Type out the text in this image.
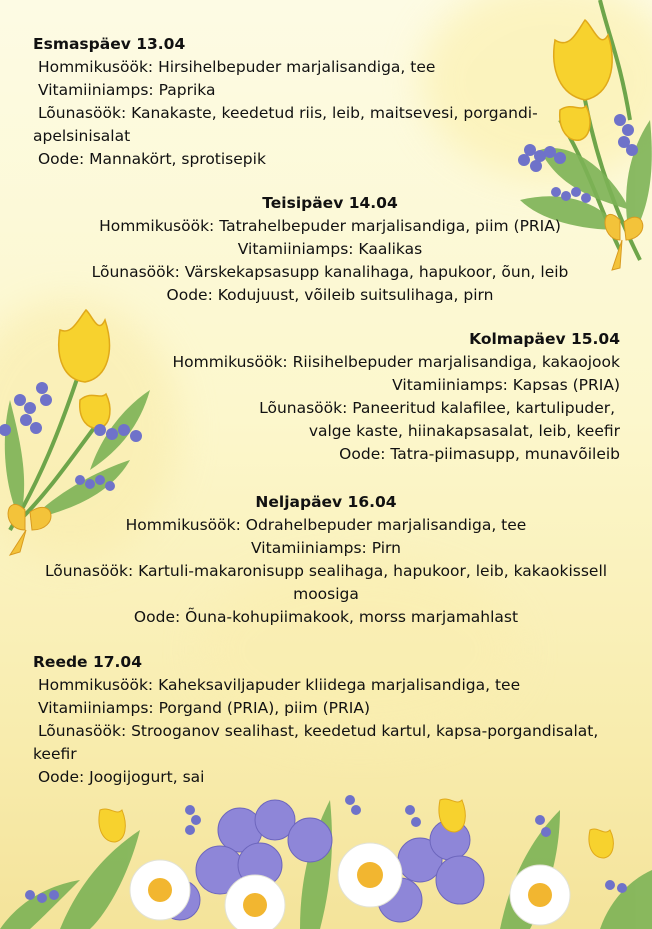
Esmaspäev 13.04
Hommikusöök: Hirsihelbepuder marjalisandiga, tee
Vitamiiniamps: Paprika
Lõunasöök: Kanakaste, keedetud riis, leib, maitsevesi, porgandi-apelsinisalat
Oode: Mannakört, sprotisepik
Teisipäev 14.04
Hommikusöök: Tatrahelbepuder marjalisandiga, piim (PRIA)
Vitamiiniamps: Kaalikas
Lõunasöök: Värskekapsasupp kanalihaga, hapukoor, õun, leib
Oode: Kodujuust, võileib suitsulihaga, pirn
Kolmapäev 15.04
Hommikusöök: Riisihelbepuder marjalisandiga, kakaojook
Vitamiiniamps: Kapsas (PRIA)
Lõunasöök: Paneeritud kalafilee, kartulipuder,
valge kaste, hiinakapsasalat, leib, keefir
Oode: Tatra-piimasupp, munavõileib
Neljapäev 16.04
Hommikusöök: Odrahelbepuder marjalisandiga, tee
Vitamiiniamps: Pirn
Lõunasöök: Kartuli-makaronisupp sealihaga, hapukoor, leib, kakaokissell moosiga
Oode: Õuna-kohupiimakook, morss marjamahlast
Reede 17.04
Hommikusöök: Kaheksaviljapuder kliidega marjalisandiga, tee
Vitamiiniamps: Porgand (PRIA), piim (PRIA)
Lõunasöök: Strooganov sealihast, keedetud kartul, kapsa-porgandisalat, keefir
Oode: Joogijogurt, sai
